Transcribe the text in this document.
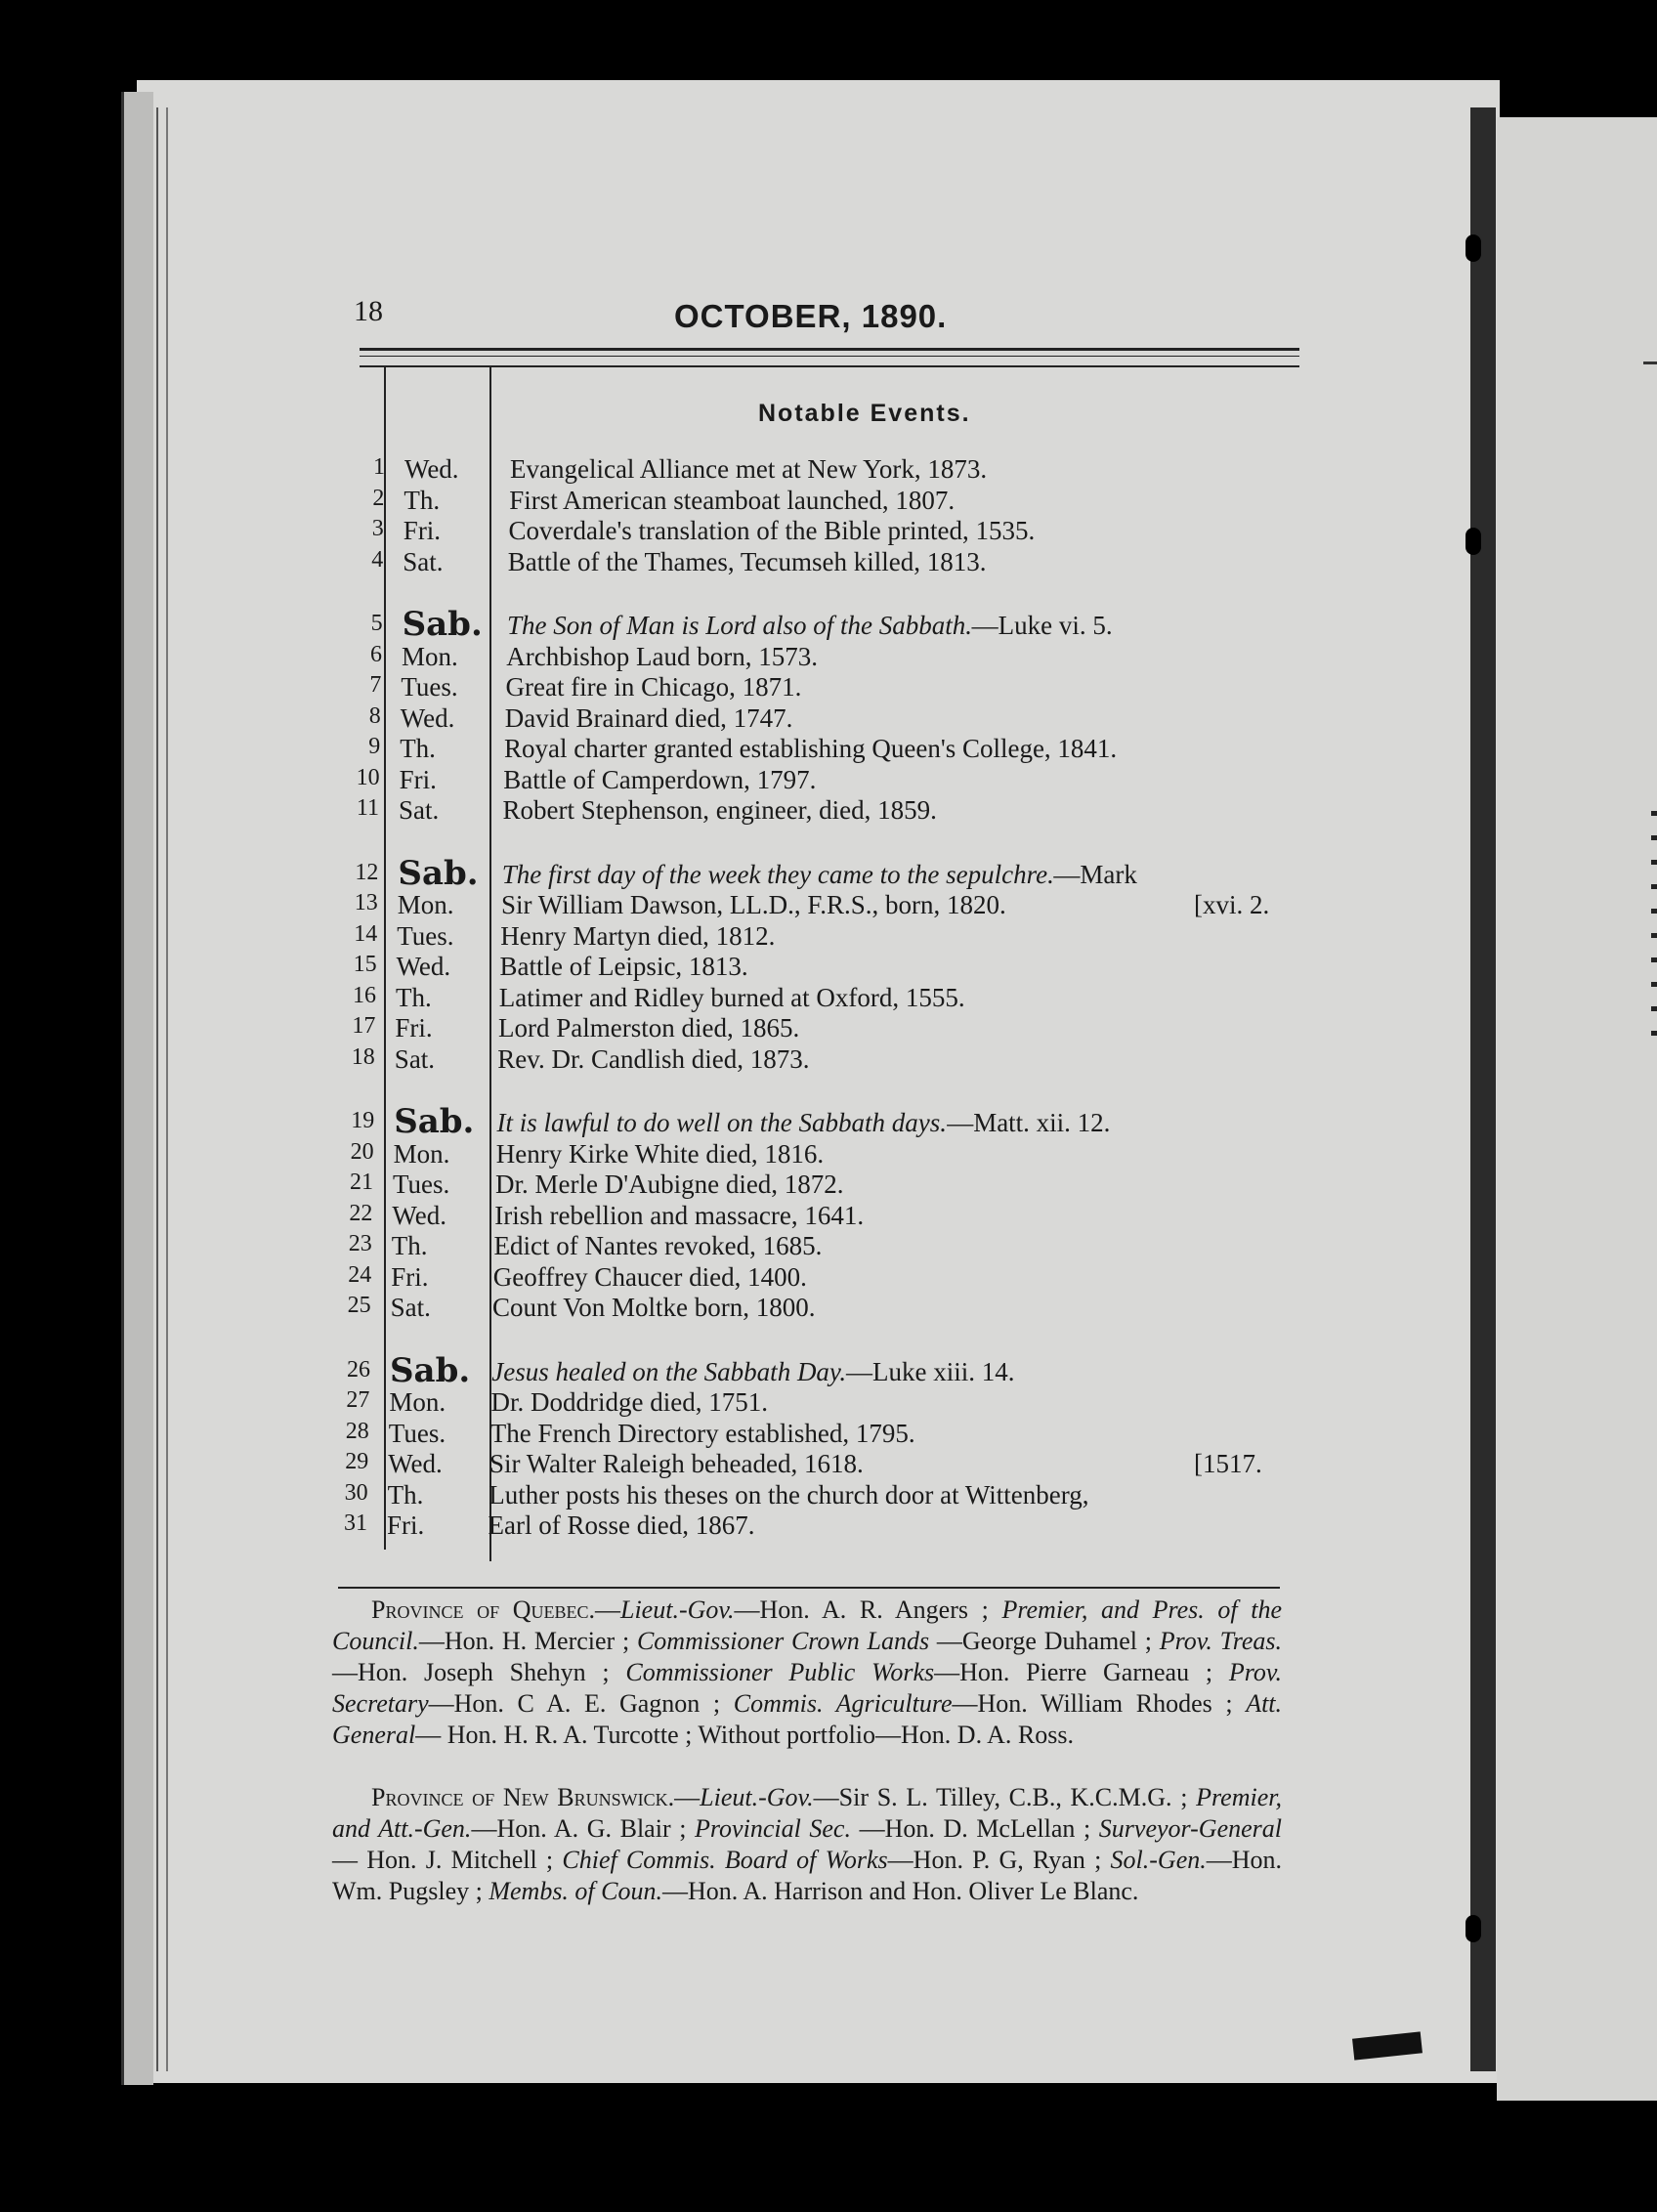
18	OCTOBER, 1890.
Notable Events.
1 Wed. Evangelical Alliance met at New York, 1873.
2 Th.	First American steamboat launched, 1807.
3 Fri.	Coverdale's translation of the Bible printed, 1535.
4 Sat. Battle of the Thames, Tecumseh killed, 1813.
5 Sab. The Son of Man is Lord also of the Sabbath. —Luke vi. 5.
6 Mon. Archbishop Laud born, 1573.
7 Tues. Great fire in Chicago, 1871.
8 Wed. David Brainard died, 1747.
9 Th.	Royal charter granted establishing Queen's College, 1841.
10 Fri.	Battle of Camperdown, 1797.
11 Sat. Robert Stephenson, engineer, died, 1859.
12 Sab. The first day of the week they came to the sepulchre. —Mark
13 Mon. Sir William Dawson, LL.D., F.R.S., born, 1820.	[xvi. 2.
14 Tues. Henry Martyn died, 1812.
15 Wed. Battle of Leipsic, 1813.
16 Th.	Latimer and Ridley burned at Oxford, 1555.
17 Fri. Lord Palmerston died, 1865.
18 Sat. Rev. Dr. Candlish died, 1873.
19 Sab. It is lawful to do well on the Sabbath days. —Matt. xii. 12.
20 Mon. Henry Kirke White died, 1816.
21 Tues. Dr. Merle D'Aubigne died, 1872.
22 Wed. Irish rebellion and massacre, 1641.
23 Th.	Edict of Nantes revoked, 1685.
24 Fri. Geoffrey Chaucer died, 1400.
25 Sat. Count Von Moltke born, 1800.
26 Sab. Jesus healed on the Sabbath Day. —Luke xiii. 14.
27 Mon. Dr. Doddridge died, 1751.
28 Tues. The French Directory established, 1795.
29 Wed. Sir Walter Raleigh beheaded, 1618.	[1517.
30 Th. Luther posts his theses on the church door at Wittenberg,
31 Fri. Earl of Rosse died, 1867.
Province of Quebec.—Lieut.-Gov.—Hon. A. R. Angers ; Premier, and Pres. of the Council.—Hon. H. Mercier ; Commissioner Crown Lands —George Duhamel ; Prov. Treas.—Hon. Joseph Shehyn ; Commissioner Public Works—Hon. Pierre Garneau ; Prov. Secretary—Hon. C A. E. Gagnon ; Commis. Agriculture—Hon. William Rhodes ; Att. General— Hon. H. R. A. Turcotte ; Without portfolio—Hon. D. A. Ross.
Province of New Brunswick.—Lieut.-Gov.—Sir S. L. Tilley, C.B., K.C.M.G. ; Premier, and Att.-Gen.—Hon. A. G. Blair ; Provincial Sec. —Hon. D. McLellan ; Surveyor-General — Hon. J. Mitchell ; Chief Commis. Board of Works—Hon. P. G, Ryan ; Sol.-Gen.—Hon. Wm. Pugsley ; Membs. of Coun.—Hon. A. Harrison and Hon. Oliver Le Blanc.
